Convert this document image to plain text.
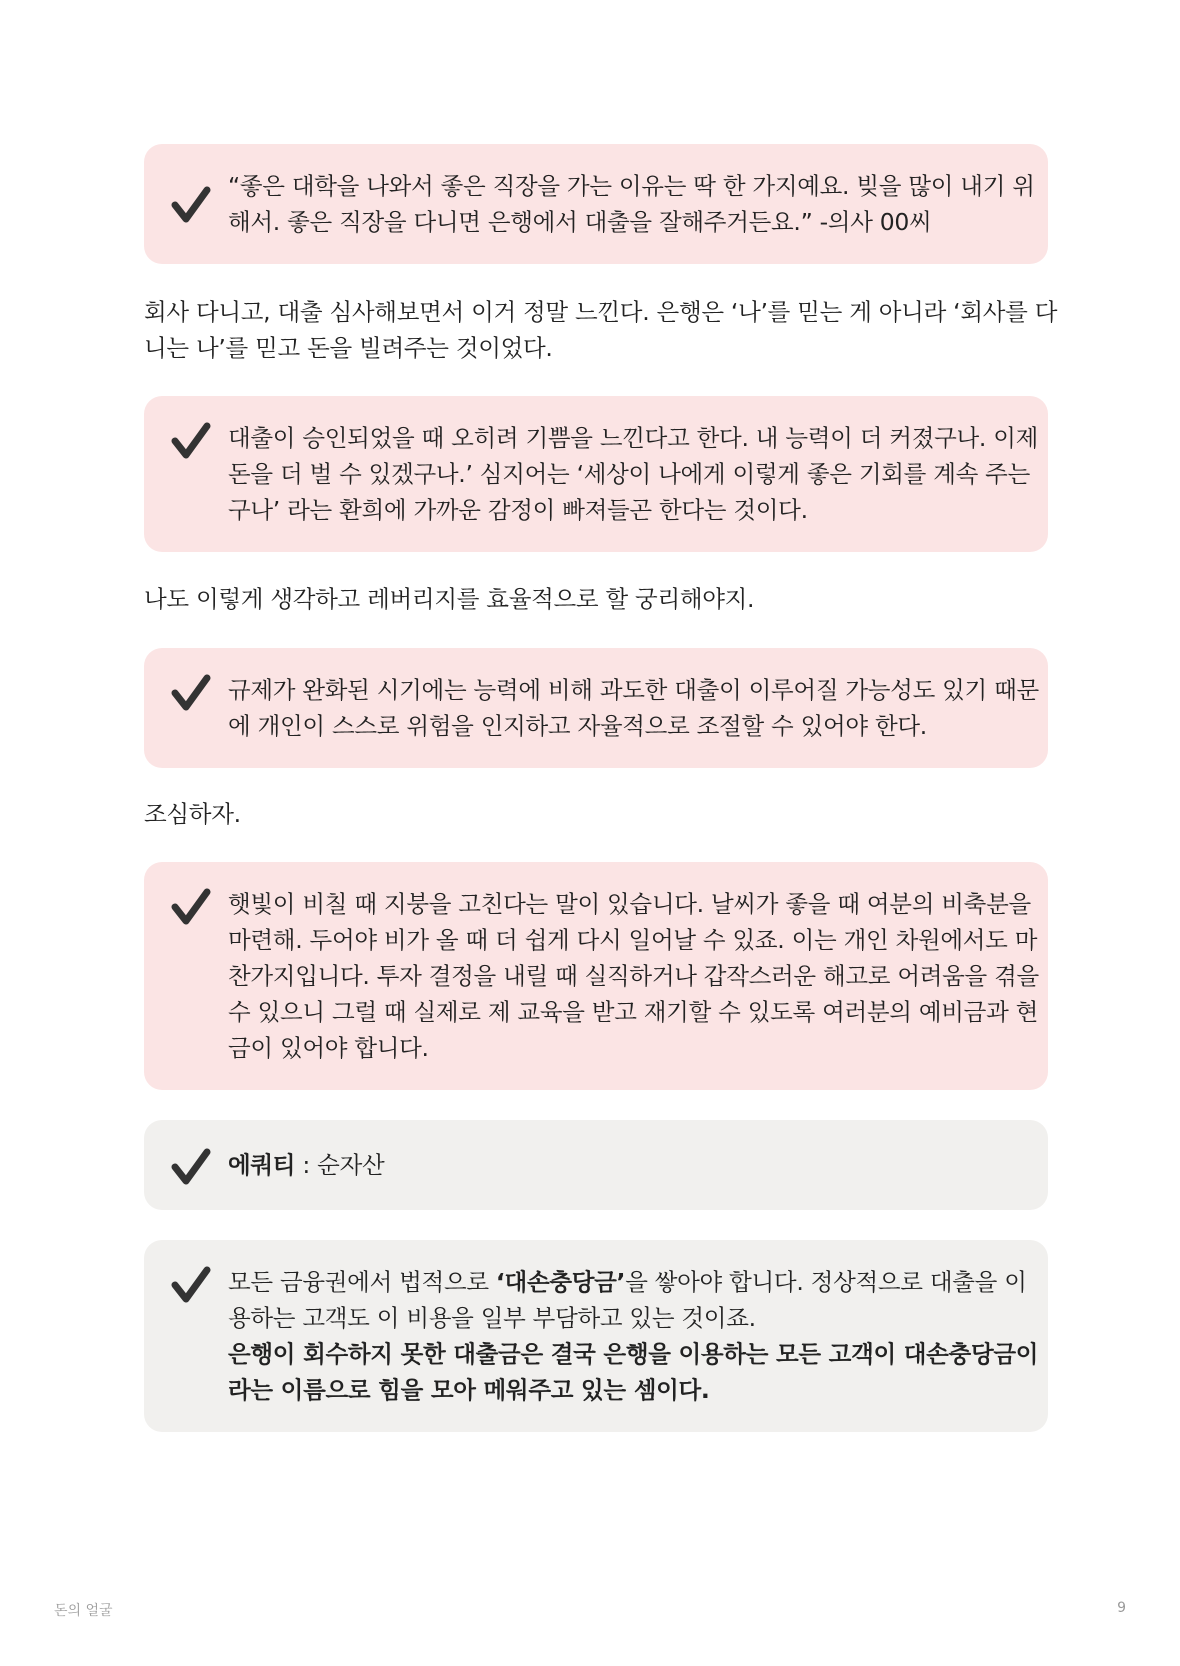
“좋은 대학을 나와서 좋은 직장을 가는 이유는 딱 한 가지예요. 빚을 많이 내기 위
해서. 좋은 직장을 다니면 은행에서 대출을 잘해주거든요.” -의사 00씨
회사 다니고, 대출 심사해보면서 이거 정말 느낀다. 은행은 ‘나’를 믿는 게 아니라 ‘회사를 다
니는 나’를 믿고 돈을 빌려주는 것이었다.
대출이 승인되었을 때 오히려 기쁨을 느낀다고 한다. 내 능력이 더 커졌구나. 이제
돈을 더 벌 수 있겠구나.’ 심지어는 ‘세상이 나에게 이렇게 좋은 기회를 계속 주는
구나’ 라는 환희에 가까운 감정이 빠져들곤 한다는 것이다.
나도 이렇게 생각하고 레버리지를 효율적으로 할 궁리해야지.
규제가 완화된 시기에는 능력에 비해 과도한 대출이 이루어질 가능성도 있기 때문
에 개인이 스스로 위험을 인지하고 자율적으로 조절할 수 있어야 한다.
조심하자.
햇빛이 비칠 때 지붕을 고친다는 말이 있습니다. 날씨가 좋을 때 여분의 비축분을
마련해. 두어야 비가 올 때 더 쉽게 다시 일어날 수 있죠. 이는 개인 차원에서도 마
찬가지입니다. 투자 결정을 내릴 때 실직하거나 갑작스러운 해고로 어려움을 겪을
수 있으니 그럴 때 실제로 제 교육을 받고 재기할 수 있도록 여러분의 예비금과 현
금이 있어야 합니다.
에쿼티 : 순자산
모든 금융권에서 법적으로 ‘대손충당금’을 쌓아야 합니다. 정상적으로 대출을 이
용하는 고객도 이 비용을 일부 부담하고 있는 것이죠.
은행이 회수하지 못한 대출금은 결국 은행을 이용하는 모든 고객이 대손충당금이
라는 이름으로 힘을 모아 메워주고 있는 셈이다.
돈의 얼굴	9
